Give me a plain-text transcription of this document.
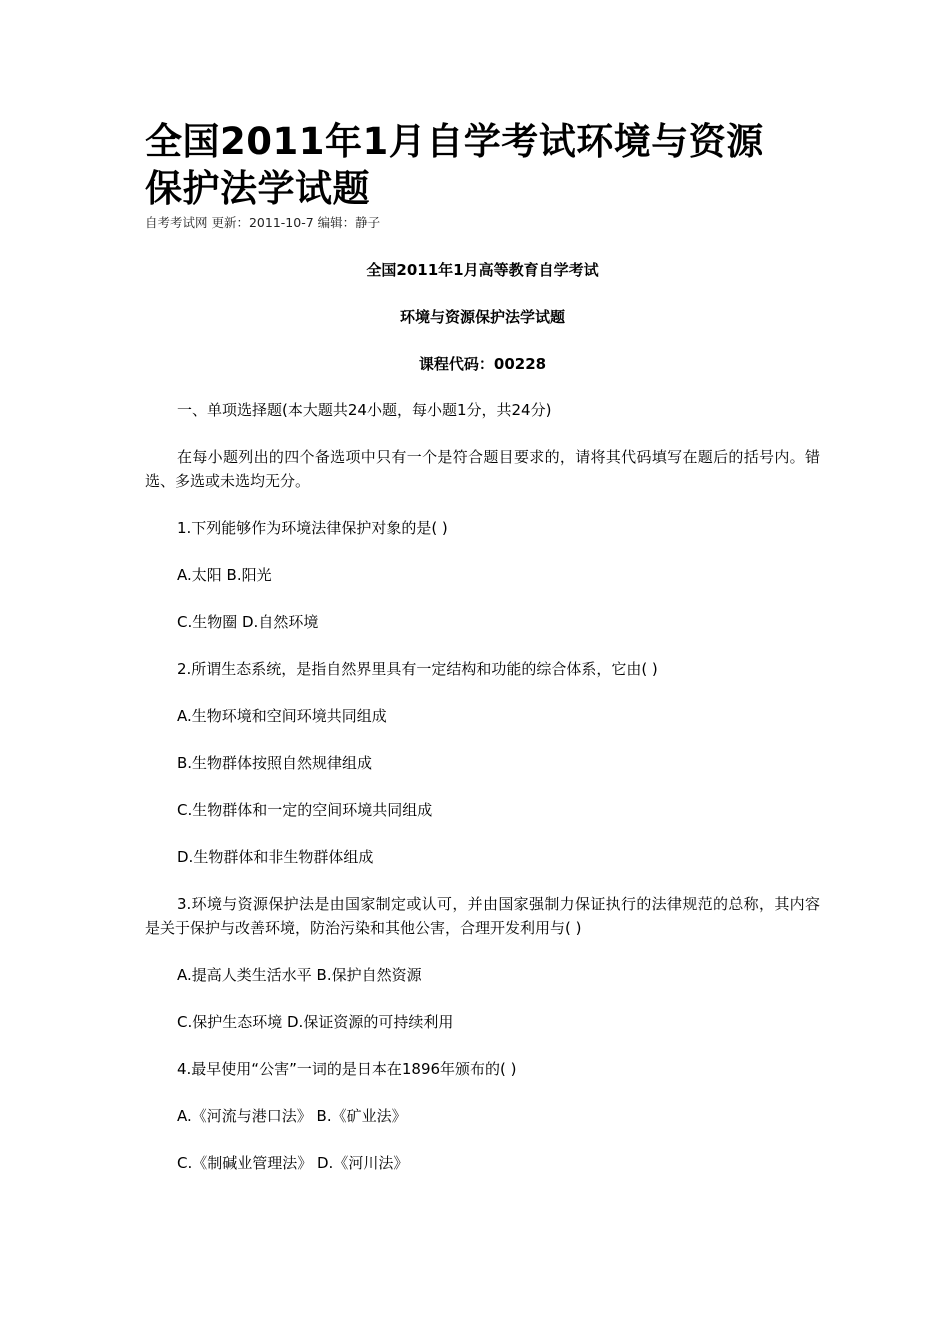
全国2011年1月自学考试环境与资源
保护法学试题

自考考试网 更新：2011-10-7 编辑：静子

全国2011年1月高等教育自学考试

环境与资源保护法学试题

课程代码：00228

一、单项选择题(本大题共24小题，每小题1分，共24分)

在每小题列出的四个备选项中只有一个是符合题目要求的，请将其代码填写在题后的括号内。错选、多选或未选均无分。

1.下列能够作为环境法律保护对象的是( )

A.太阳 B.阳光

C.生物圈 D.自然环境

2.所谓生态系统，是指自然界里具有一定结构和功能的综合体系，它由( )

A.生物环境和空间环境共同组成

B.生物群体按照自然规律组成

C.生物群体和一定的空间环境共同组成

D.生物群体和非生物群体组成

3.环境与资源保护法是由国家制定或认可，并由国家强制力保证执行的法律规范的总称，其内容是关于保护与改善环境，防治污染和其他公害，合理开发利用与( )

A.提高人类生活水平 B.保护自然资源

C.保护生态环境 D.保证资源的可持续利用

4.最早使用“公害”一词的是日本在1896年颁布的( )

A.《河流与港口法》 B.《矿业法》

C.《制碱业管理法》 D.《河川法》
